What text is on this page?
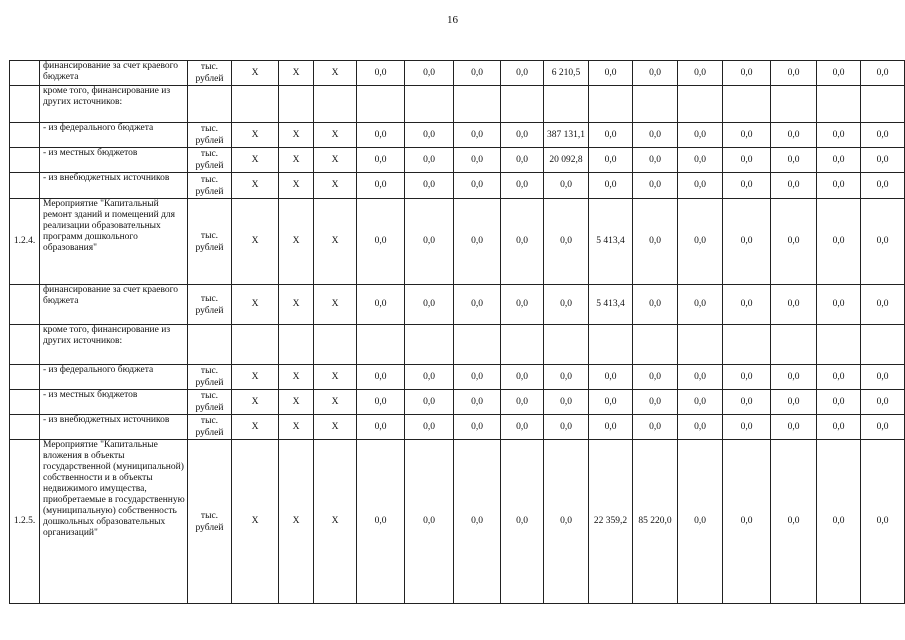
16
	финансирование за счет краевого бюджета	тыс. рублей	Х	Х	Х	0,0	0,0	0,0	0,0	6 210,5	0,0	0,0	0,0	0,0	0,0	0,0	0,0
	кроме того, финансирование из других источников:																
	- из федерального бюджета	тыс. рублей	Х	Х	Х	0,0	0,0	0,0	0,0	387 131,1	0,0	0,0	0,0	0,0	0,0	0,0	0,0
	- из местных бюджетов	тыс. рублей	Х	Х	Х	0,0	0,0	0,0	0,0	20 092,8	0,0	0,0	0,0	0,0	0,0	0,0	0,0
	- из внебюджетных источников	тыс. рублей	Х	Х	Х	0,0	0,0	0,0	0,0	0,0	0,0	0,0	0,0	0,0	0,0	0,0	0,0
1.2.4.	Мероприятие "Капитальный ремонт зданий и помещений для реализации образовательных программ дошкольного образования"	тыс. рублей	Х	Х	Х	0,0	0,0	0,0	0,0	0,0	5 413,4	0,0	0,0	0,0	0,0	0,0	0,0
	финансирование за счет краевого бюджета	тыс. рублей	Х	Х	Х	0,0	0,0	0,0	0,0	0,0	5 413,4	0,0	0,0	0,0	0,0	0,0	0,0
	кроме того, финансирование из других источников:																
	- из федерального бюджета	тыс. рублей	Х	Х	Х	0,0	0,0	0,0	0,0	0,0	0,0	0,0	0,0	0,0	0,0	0,0	0,0
	- из местных бюджетов	тыс. рублей	Х	Х	Х	0,0	0,0	0,0	0,0	0,0	0,0	0,0	0,0	0,0	0,0	0,0	0,0
	- из внебюджетных источников	тыс. рублей	Х	Х	Х	0,0	0,0	0,0	0,0	0,0	0,0	0,0	0,0	0,0	0,0	0,0	0,0
1.2.5.	Мероприятие "Капитальные вложения в объекты государственной (муниципальной) собственности и в объекты недвижимого имущества, приобретаемые в государственную (муниципальную) собственность дошкольных образовательных организаций"	тыс. рублей	Х	Х	Х	0,0	0,0	0,0	0,0	0,0	22 359,2	85 220,0	0,0	0,0	0,0	0,0	0,0
